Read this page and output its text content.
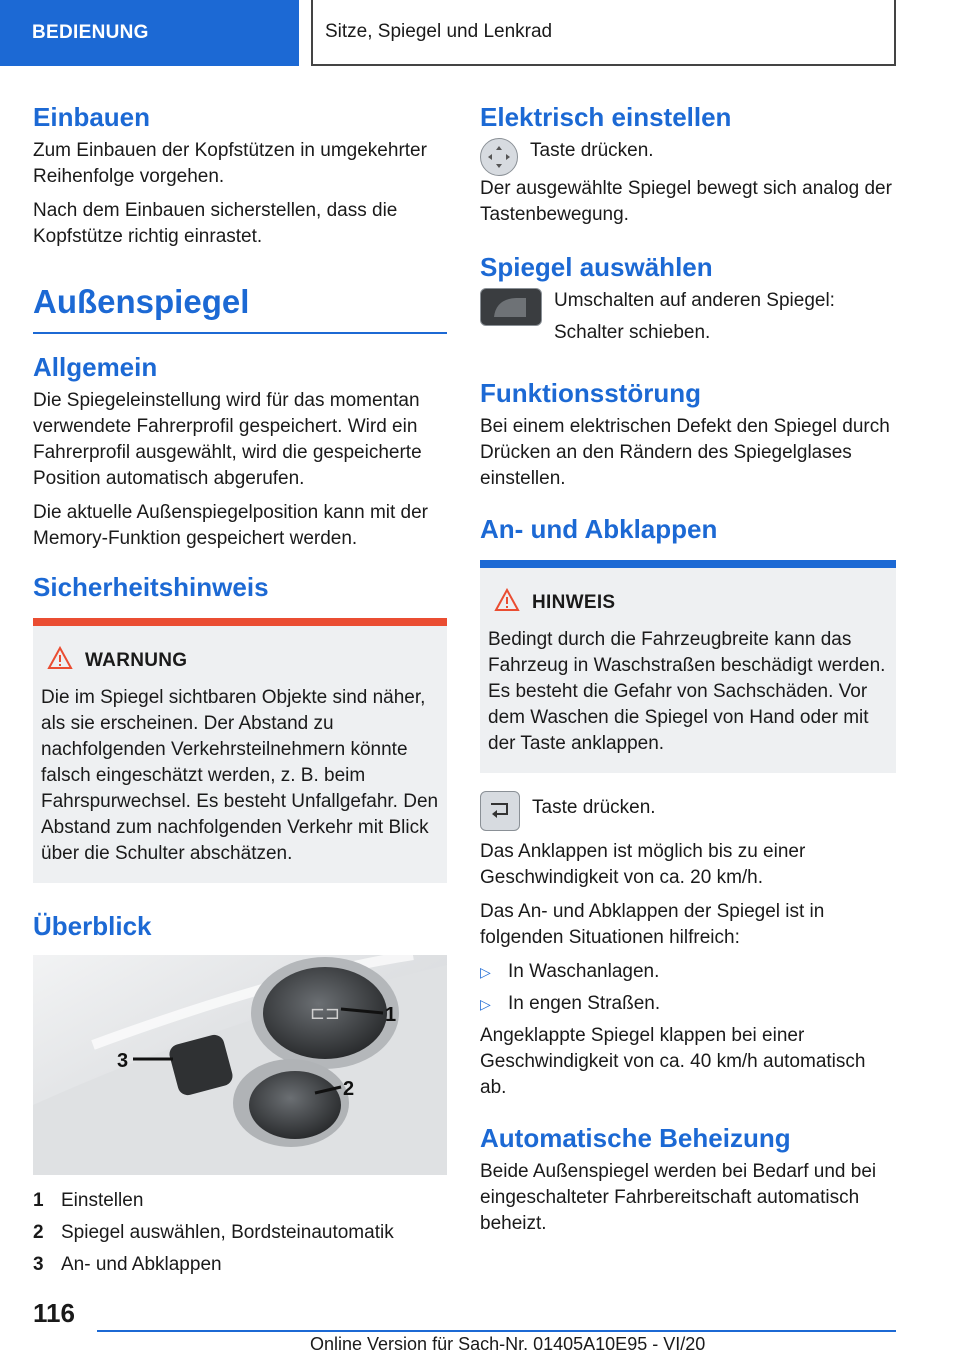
BEDIENUNG	Sitze, Spiegel und Lenkrad
Einbauen

Zum Einbauen der Kopfstützen in umgekehrter Reihenfolge vorgehen.

Nach dem Einbauen sicherstellen, dass die Kopfstütze richtig einrastet.

Außenspiegel
Allgemein

Die Spiegeleinstellung wird für das momentan verwendete Fahrerprofil gespeichert. Wird ein Fahrerprofil ausgewählt, wird die gespeicherte Position automatisch abgerufen.

Die aktuelle Außenspiegelposition kann mit der Memory-Funktion gespeichert werden.

Sicherheitshinweis
WARNUNG

Die im Spiegel sichtbaren Objekte sind näher, als sie erscheinen. Der Abstand zu nachfolgenden Verkehrsteilnehmern könnte falsch eingeschätzt werden, z. B. beim Fahrspurwechsel. Es besteht Unfallgefahr. Den Abstand zum nachfolgenden Verkehr mit Blick über die Schulter abschätzen.

Überblick
⊏⊐ 1
2
3
1 Einstellen
2 Spiegel auswählen, Bordsteinautomatik
3 An- und Abklappen
Elektrisch einstellen

Taste drücken.

Der ausgewählte Spiegel bewegt sich analog der Tastenbewegung.

Spiegel auswählen

Umschalten auf anderen Spiegel:

Schalter schieben.

Funktionsstörung

Bei einem elektrischen Defekt den Spiegel durch Drücken an den Rändern des Spiegelglases einstellen.

An- und Abklappen
HINWEIS

Bedingt durch die Fahrzeugbreite kann das Fahrzeug in Waschstraßen beschädigt werden. Es besteht die Gefahr von Sachschäden. Vor dem Waschen die Spiegel von Hand oder mit der Taste anklappen.

Taste drücken.

Das Anklappen ist möglich bis zu einer Geschwindigkeit von ca. 20 km/h.

Das An- und Abklappen der Spiegel ist in folgenden Situationen hilfreich:

▷ In Waschanlagen.
▷ In engen Straßen.

Angeklappte Spiegel klappen bei einer Geschwindigkeit von ca. 40 km/h automatisch ab.

Automatische Beheizung

Beide Außenspiegel werden bei Bedarf und bei eingeschalteter Fahrbereitschaft automatisch beheizt.

116
Online Version für Sach-Nr. 01405A10E95 - VI/20
